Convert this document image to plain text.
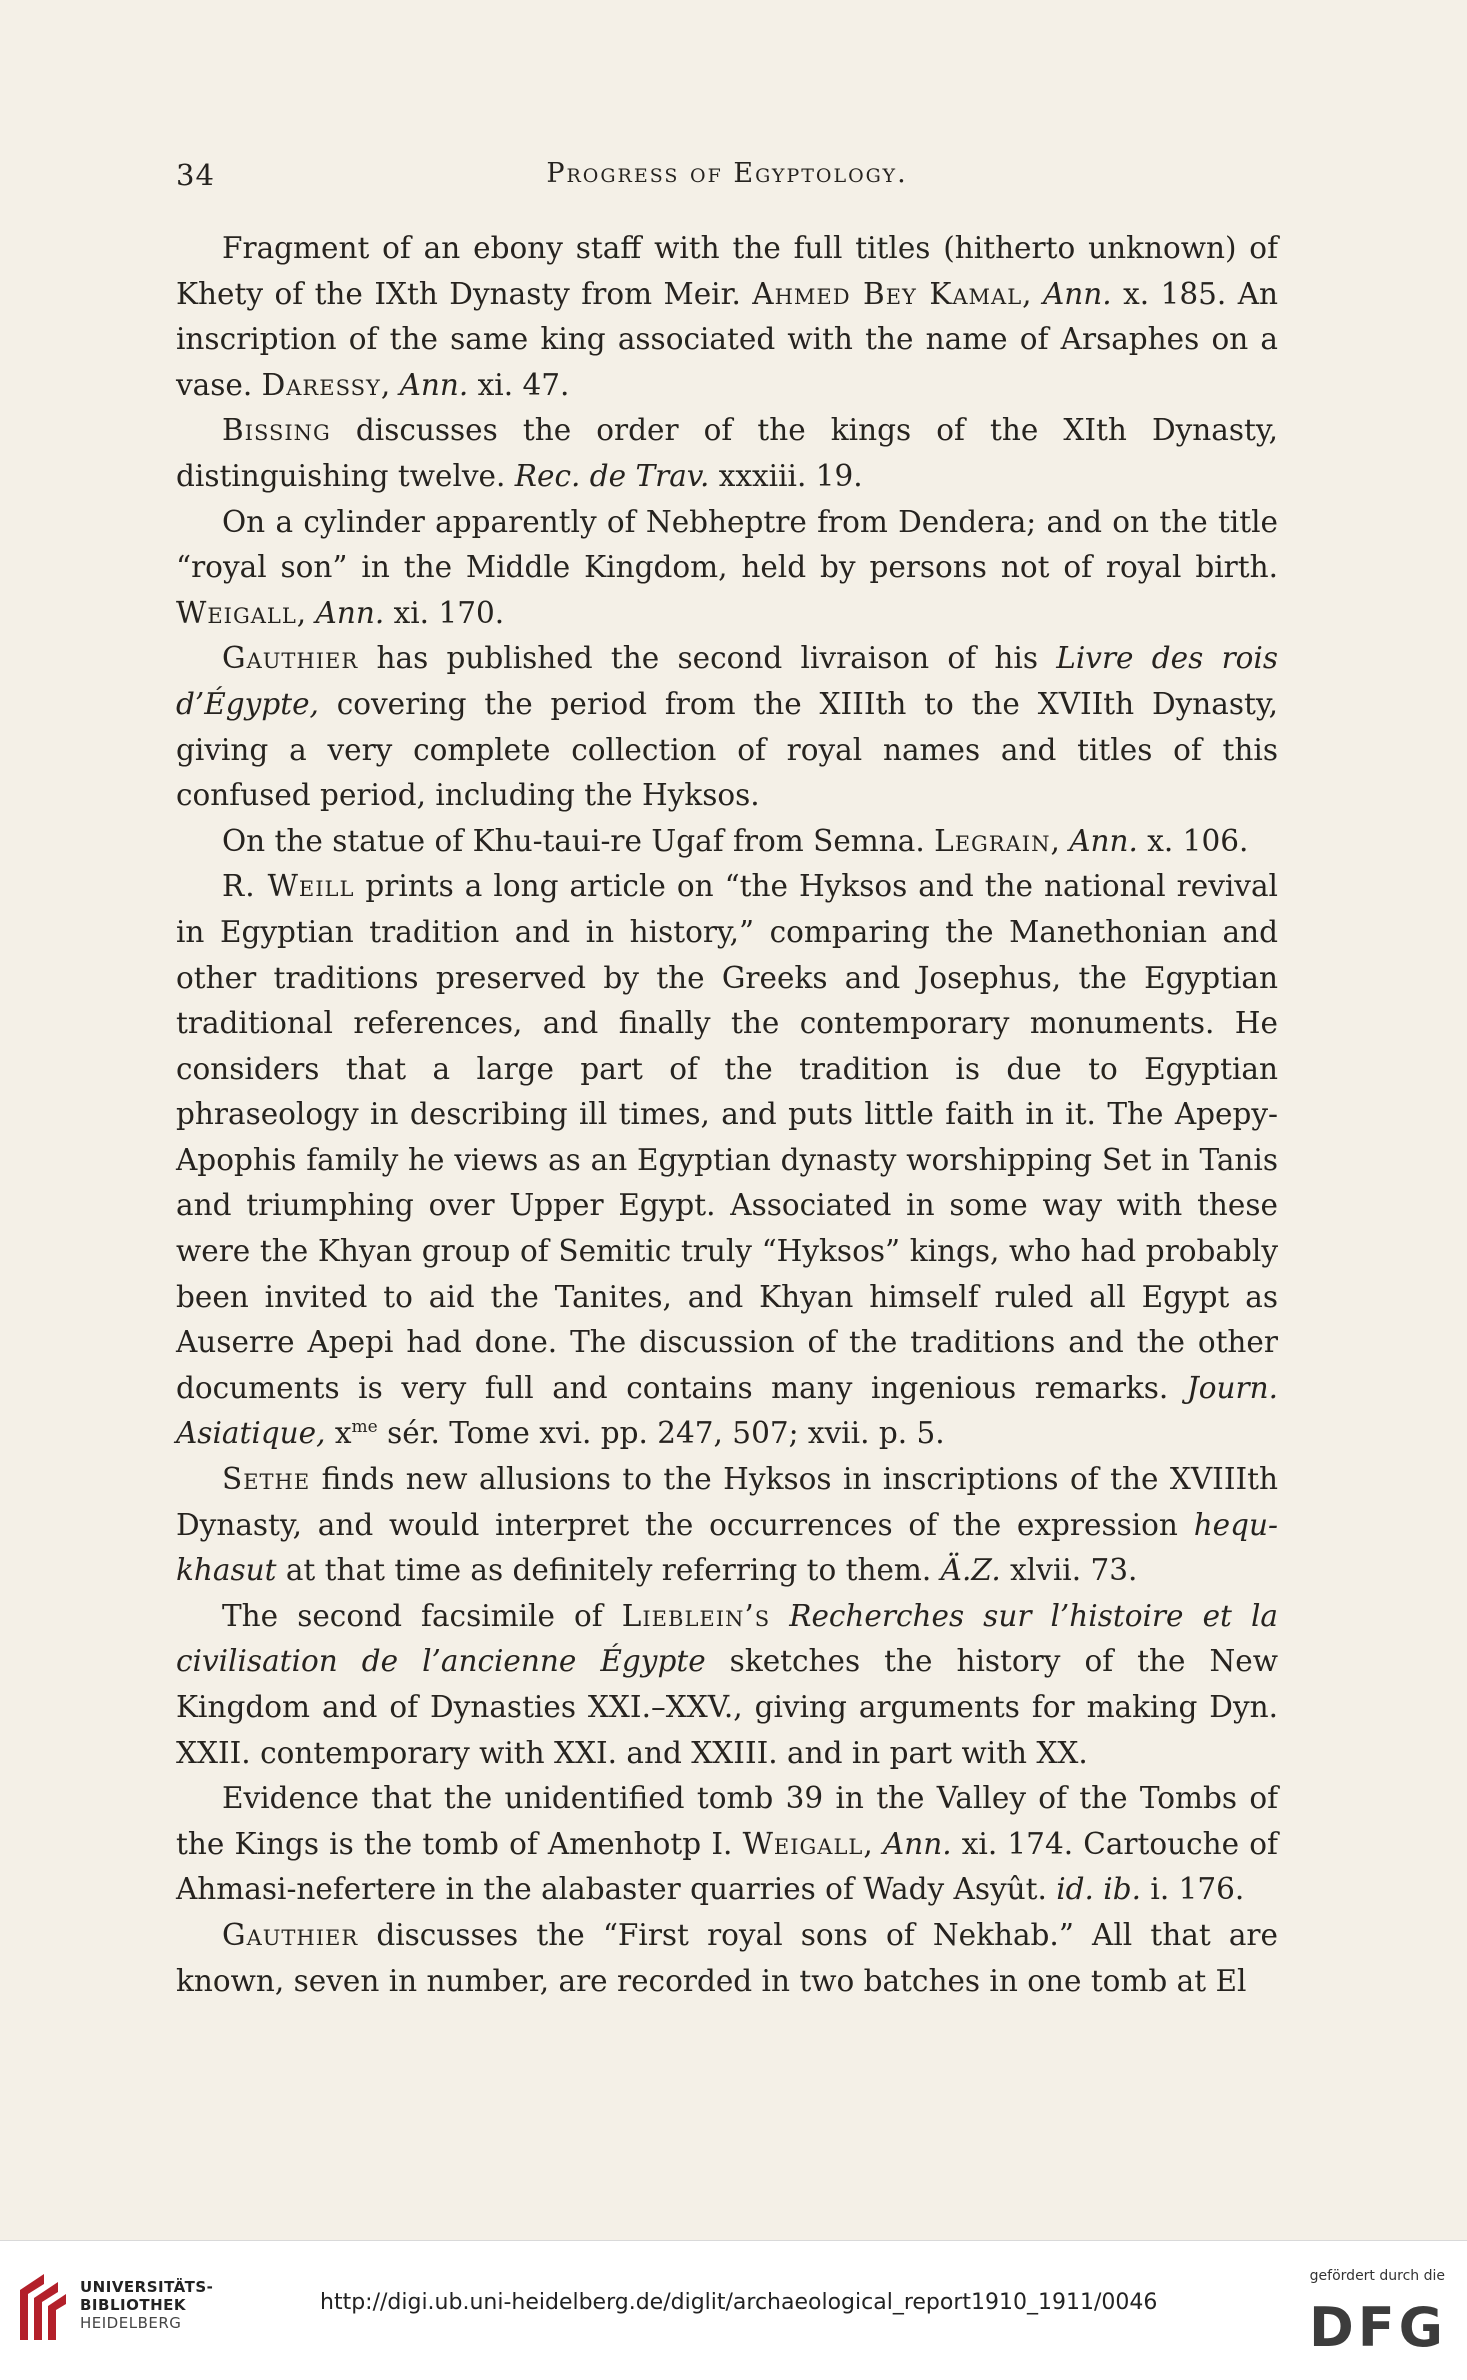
34	Progress of Egyptology.

Fragment of an ebony staff with the full titles (hitherto unknown) of Khety of the IXth Dynasty from Meir. Ahmed Bey Kamal, Ann. x. 185. An inscription of the same king associated with the name of Arsaphes on a vase. Daressy, Ann. xi. 47.

Bissing discusses the order of the kings of the XIth Dynasty, distinguishing twelve. Rec. de Trav. xxxiii. 19.

On a cylinder apparently of Nebheptre from Dendera; and on the title “royal son” in the Middle Kingdom, held by persons not of royal birth. Weigall, Ann. xi. 170.

Gauthier has published the second livraison of his Livre des rois d’Égypte, covering the period from the XIIIth to the XVIIth Dynasty, giving a very complete collection of royal names and titles of this confused period, including the Hyksos.

On the statue of Khu-taui-re Ugaf from Semna. Legrain, Ann. x. 106.

R. Weill prints a long article on “the Hyksos and the national revival in Egyptian tradition and in history,” comparing the Manethonian and other traditions preserved by the Greeks and Josephus, the Egyptian traditional references, and finally the contemporary monuments. He considers that a large part of the tradition is due to Egyptian phraseology in describing ill times, and puts little faith in it. The Apepy-Apophis family he views as an Egyptian dynasty worshipping Set in Tanis and triumphing over Upper Egypt. Associated in some way with these were the Khyan group of Semitic truly “Hyksos” kings, who had probably been invited to aid the Tanites, and Khyan himself ruled all Egypt as Auserre Apepi had done. The discussion of the traditions and the other documents is very full and contains many ingenious remarks. Journ. Asiatique, $x^{me}$ sér. Tome xvi. pp. 247, 507; xvii. p. 5.

Sethe finds new allusions to the Hyksos in inscriptions of the XVIIIth Dynasty, and would interpret the occurrences of the expression hequ-khasut at that time as definitely referring to them. Ä.Z. xlvii. 73.

The second facsimile of Lieblein’s Recherches sur l’histoire et la civilisation de l’ancienne Égypte sketches the history of the New Kingdom and of Dynasties XXI.–XXV., giving arguments for making Dyn. XXII. contemporary with XXI. and XXIII. and in part with XX.

Evidence that the unidentified tomb 39 in the Valley of the Tombs of the Kings is the tomb of Amenhotp I. Weigall, Ann. xi. 174. Cartouche of Ahmasi-nefertere in the alabaster quarries of Wady Asyût. id. ib. i. 176.

Gauthier discusses the “First royal sons of Nekhab.” All that are known, seven in number, are recorded in two batches in one tomb at El

UNIVERSITÄTS-
BIBLIOTHEK
HEIDELBERG
http://digi.ub.uni-heidelberg.de/diglit/archaeological_report1910_1911/0046
gefördert durch die
DFG
